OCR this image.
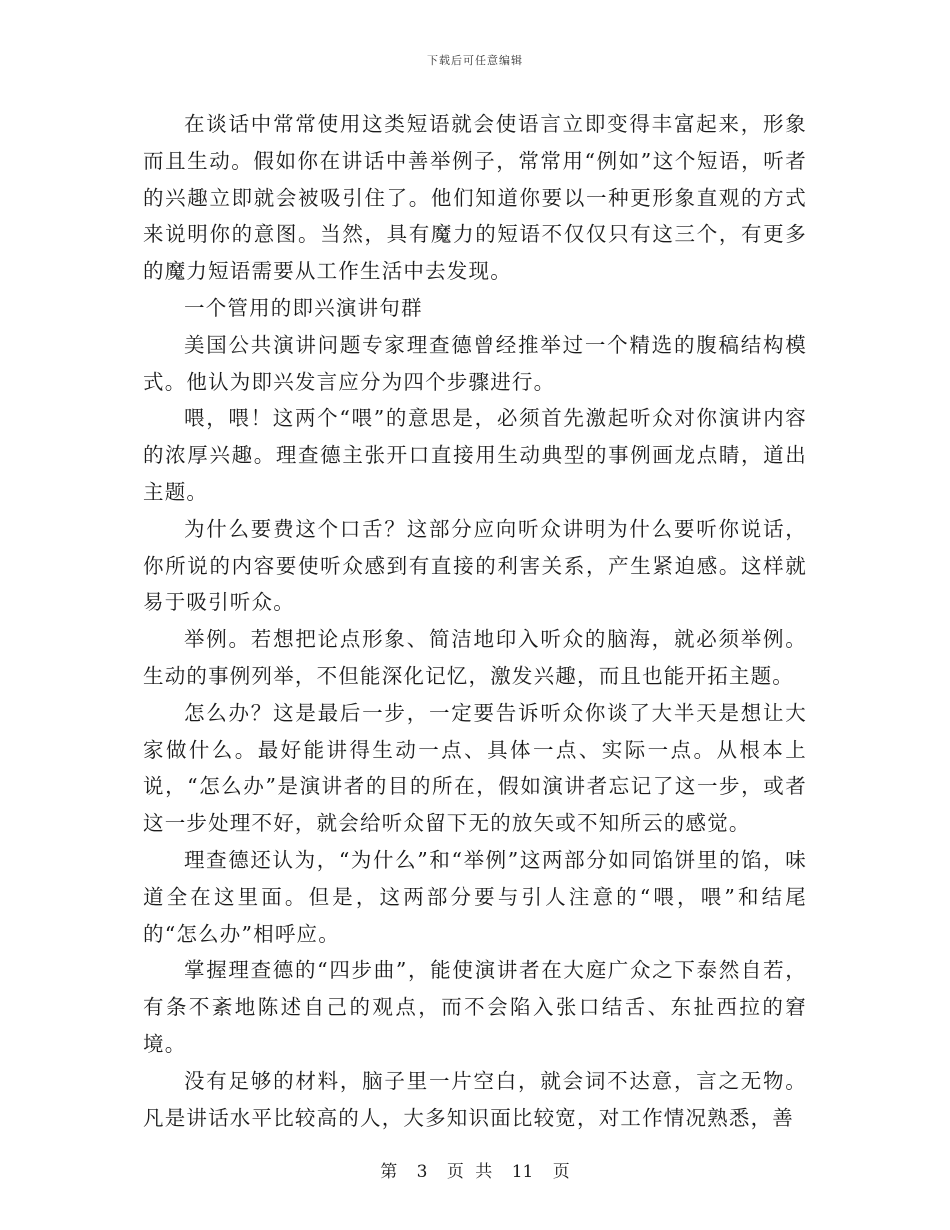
下载后可任意编辑

在谈话中常常使用这类短语就会使语言立即变得丰富起来，形象而且生动。假如你在讲话中善举例子，常常用“例如”这个短语，听者的兴趣立即就会被吸引住了。他们知道你要以一种更形象直观的方式来说明你的意图。当然，具有魔力的短语不仅仅只有这三个，有更多的魔力短语需要从工作生活中去发现。

一个管用的即兴演讲句群

美国公共演讲问题专家理查德曾经推举过一个精选的腹稿结构模式。他认为即兴发言应分为四个步骤进行。

喂，喂！这两个“喂”的意思是，必须首先激起听众对你演讲内容的浓厚兴趣。理查德主张开口直接用生动典型的事例画龙点睛，道出主题。

为什么要费这个口舌？这部分应向听众讲明为什么要听你说话，你所说的内容要使听众感到有直接的利害关系，产生紧迫感。这样就易于吸引听众。

举例。若想把论点形象、简洁地印入听众的脑海，就必须举例。生动的事例列举，不但能深化记忆，激发兴趣，而且也能开拓主题。

怎么办？这是最后一步，一定要告诉听众你谈了大半天是想让大家做什么。最好能讲得生动一点、具体一点、实际一点。从根本上说，“怎么办”是演讲者的目的所在，假如演讲者忘记了这一步，或者这一步处理不好，就会给听众留下无的放矢或不知所云的感觉。

理查德还认为，“为什么”和“举例”这两部分如同馅饼里的馅，味道全在这里面。但是，这两部分要与引人注意的“喂，喂”和结尾的“怎么办”相呼应。

掌握理查德的“四步曲”，能使演讲者在大庭广众之下泰然自若，有条不紊地陈述自己的观点，而不会陷入张口结舌、东扯西拉的窘境。

没有足够的材料，脑子里一片空白，就会词不达意，言之无物。凡是讲话水平比较高的人，大多知识面比较宽，对工作情况熟悉，善

第 3 页 共 11 页
